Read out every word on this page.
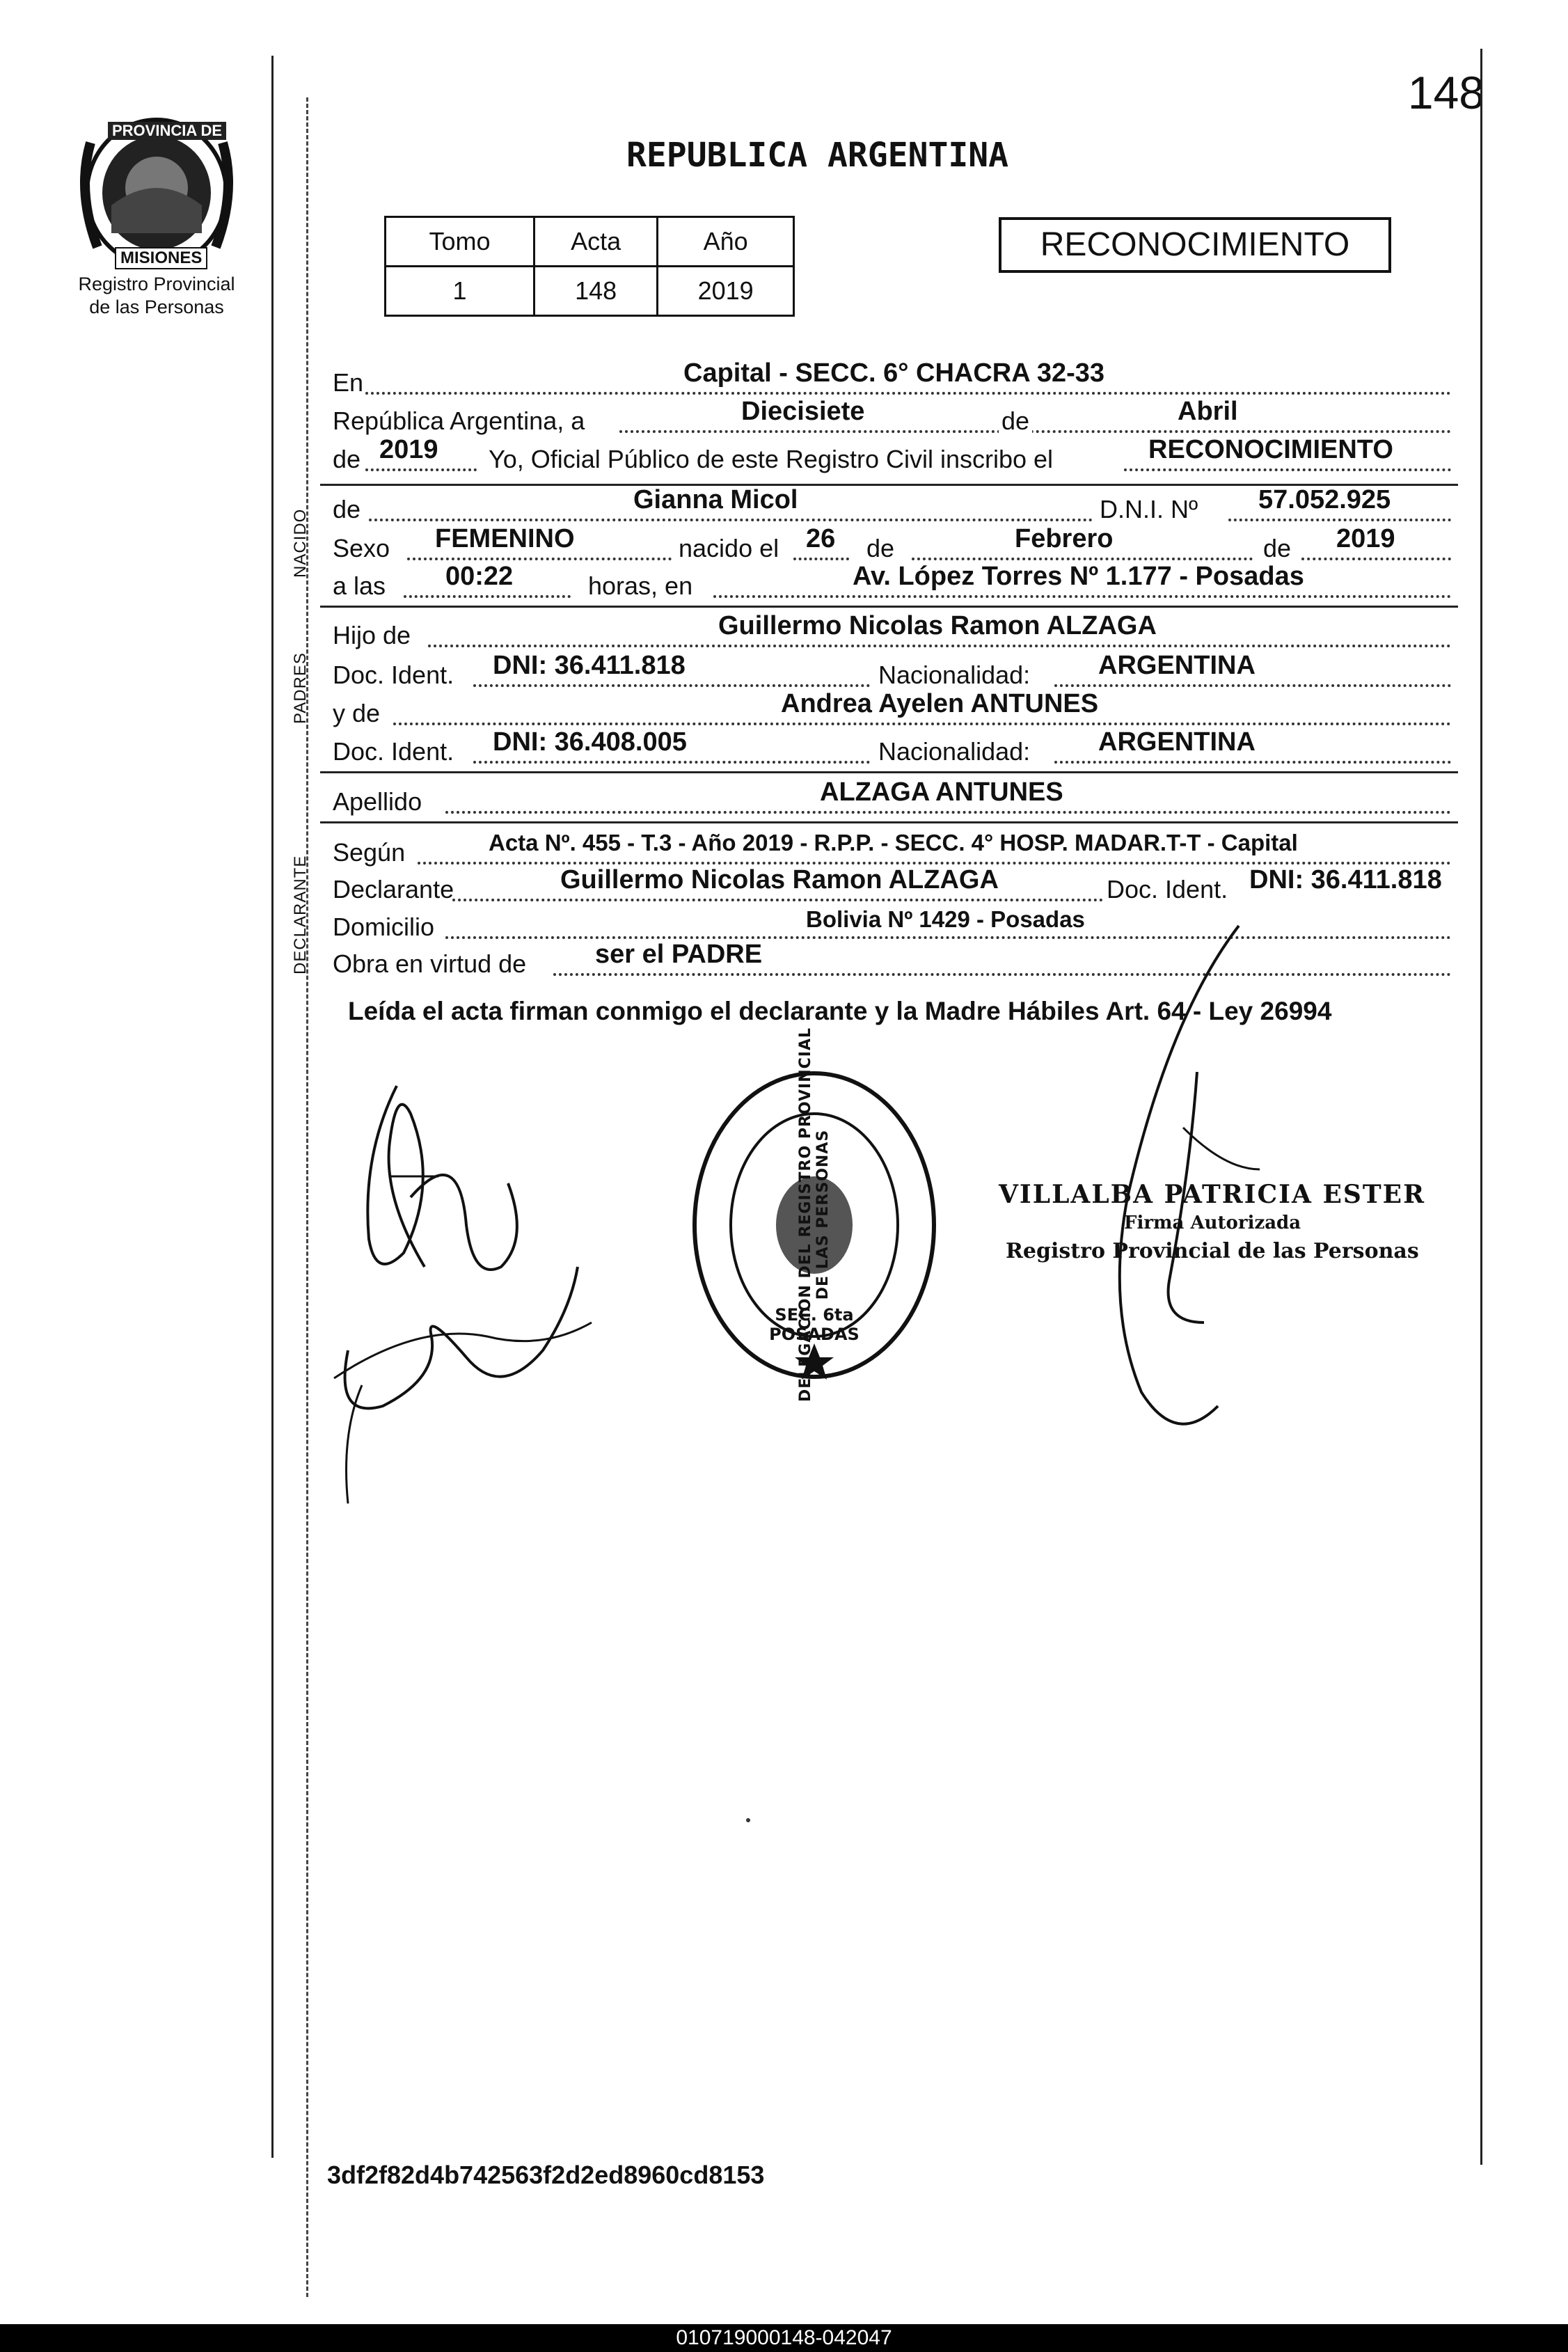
148
PROVINCIA DE
MISIONES
Registro Provincial
de las Personas
REPUBLICA ARGENTINA
Tomo	Acta	Año
1	148	2019
RECONOCIMIENTO
En	Capital - SECC. 6° CHACRA 32-33
República Argentina, a	Diecisiete	de	Abril
de 2019 Yo, Oficial Público de este Registro Civil inscribo el	RECONOCIMIENTO
NACIDO de	Gianna Micol	D.N.I. Nº 57.052.925
Sexo FEMENINO	nacido el 26 de	Febrero	de 2019
a las 00:22	horas, en	Av. López Torres Nº 1.177 - Posadas
PADRES
Hijo de	Guillermo Nicolas Ramon ALZAGA
Doc. Ident. DNI: 36.411.818	Nacionalidad:	ARGENTINA
y de	Andrea Ayelen ANTUNES
Doc. Ident. DNI: 36.408.005	Nacionalidad:	ARGENTINA
Apellido	ALZAGA ANTUNES
DECLARANTE
Según	Acta Nº. 455 - T.3 - Año 2019 - R.P.P. - SECC. 4° HOSP. MADAR.T-T - Capital
Declarante	Guillermo Nicolas Ramon ALZAGA	Doc. Ident. DNI: 36.411.818
Domicilio	Bolivia Nº 1429 - Posadas
Obra en virtud de	ser el PADRE
Leída el acta firman conmigo el declarante y la Madre Hábiles Art. 64 - Ley 26994
DELEGACION DEL REGISTRO PROVINCIAL DE LAS PERSONAS
SEC. 6ta POSADAS
VILLALBA PATRICIA ESTER
Firma Autorizada
Registro Provincial de las Personas
3df2f82d4b742563f2d2ed8960cd8153
010719000148-042047
